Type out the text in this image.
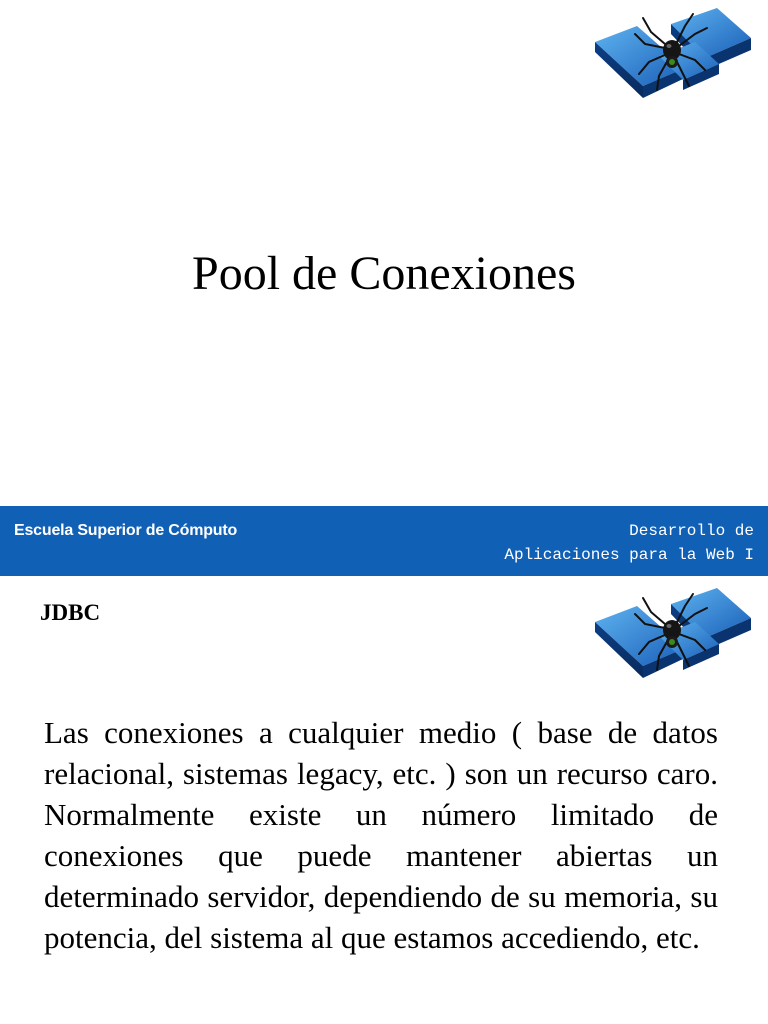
Pool de Conexiones
Escuela Superior de Cómputo	Desarrollo de
Aplicaciones para la Web I
JDBC

Las conexiones a cualquier medio ( base de datos relacional, sistemas legacy, etc. ) son un recurso caro. Normalmente existe un número limitado de conexiones que puede mantener abiertas un determinado servidor, dependiendo de su memoria, su potencia, del sistema al que estamos accediendo, etc.
